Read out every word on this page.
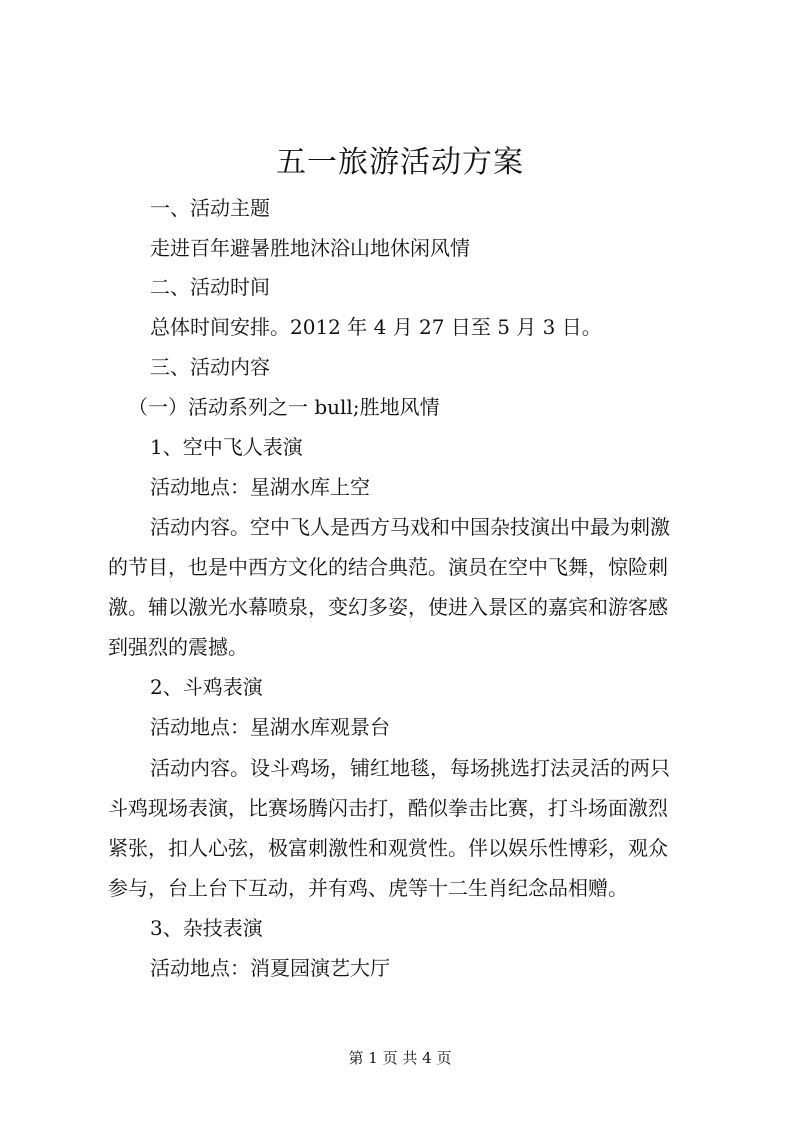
五一旅游活动方案

一、活动主题

走进百年避暑胜地沐浴山地休闲风情

二、活动时间

总体时间安排。2012 年 4 月 27 日至 5 月 3 日。

三、活动内容

（一）活动系列之一 bull;胜地风情

1、空中飞人表演

活动地点：星湖水库上空

活动内容。空中飞人是西方马戏和中国杂技演出中最为刺激

的节目，也是中西方文化的结合典范。演员在空中飞舞，惊险刺

激。辅以激光水幕喷泉，变幻多姿，使进入景区的嘉宾和游客感

到强烈的震撼。

2、斗鸡表演

活动地点：星湖水库观景台

活动内容。设斗鸡场，铺红地毯，每场挑选打法灵活的两只

斗鸡现场表演，比赛场腾闪击打，酷似拳击比赛，打斗场面激烈

紧张，扣人心弦，极富刺激性和观赏性。伴以娱乐性博彩，观众

参与，台上台下互动，并有鸡、虎等十二生肖纪念品相赠。

3、杂技表演

活动地点：消夏园演艺大厅

第 1 页 共 4 页
